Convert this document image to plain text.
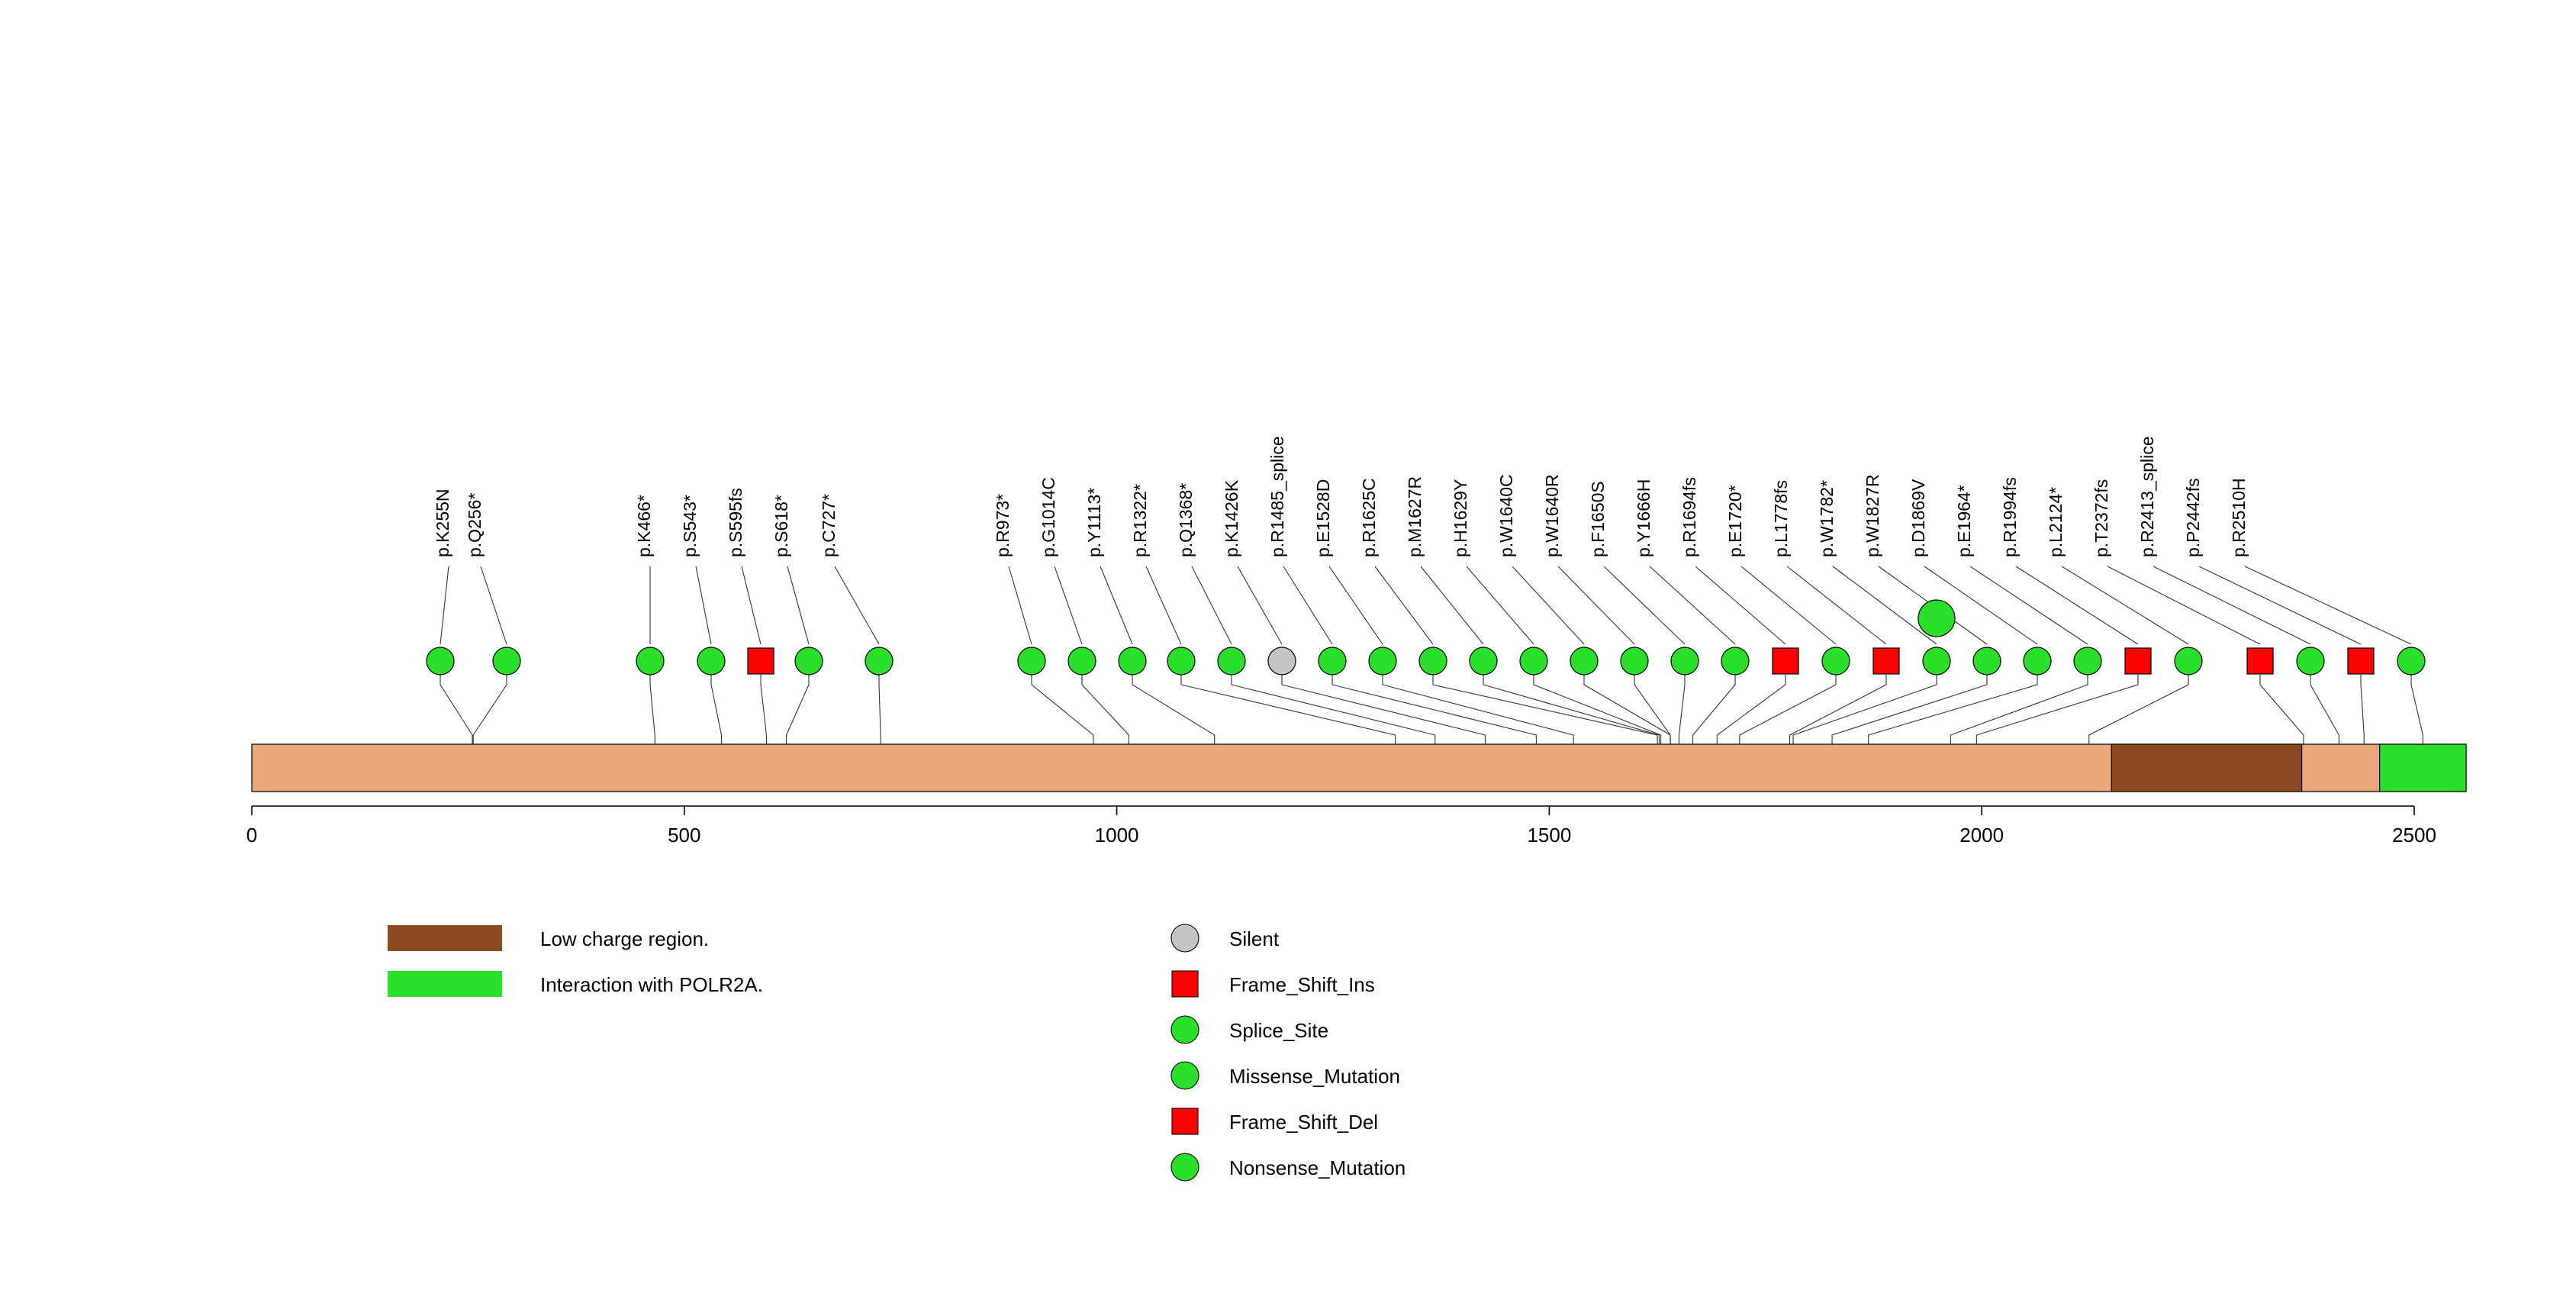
0	500	1000	1500	2000	2500
p.K255N p.Q256*	p.K466* p.S543* p.S595fs p.S618* p.C727*	p.R973* p.G1014C p.Y1113* p.R1322* p.Q1368* p.K1426K p.R1485_splice p.E1528D p.R1625C p.M1627R p.H1629Y p.W1640C p.W1640R p.F1650S p.Y1666H p.R1694fs p.E1720* p.L1778fs p.W1782* p.W1827R p.D1869V p.E1964* p.R1994fs p.L2124* p.T2372fs p.R2413_splice p.P2442fs p.R2510H
Low charge region.
Interaction with POLR2A.
Silent
Frame_Shift_Ins
Splice_Site
Missense_Mutation
Frame_Shift_Del
Nonsense_Mutation
